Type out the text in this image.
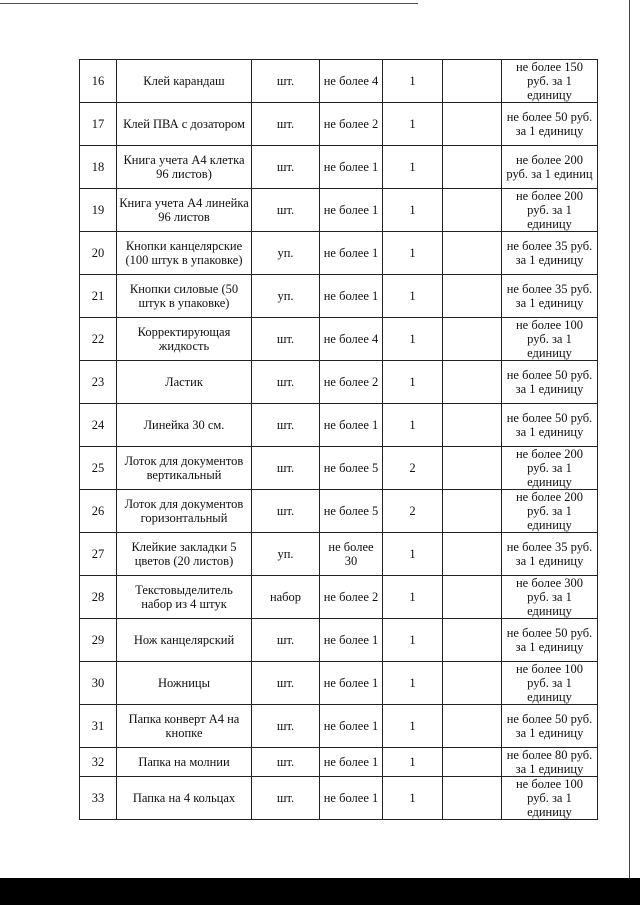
16	Клей карандаш	шт.	не более 4	1		не более 150 руб. за 1 единицу
17	Клей ПВА с дозатором	шт.	не более 2	1		не более 50 руб. за 1 единицу
18	Книга учета А4 клетка 96 листов)	шт.	не более 1	1		не более 200 руб. за 1 единиц
19	Книга учета А4 линейка 96 листов	шт.	не более 1	1		не более 200 руб. за 1 единицу
20	Кнопки канцелярские (100 штук в упаковке)	уп.	не более 1	1		не более 35 руб. за 1 единицу
21	Кнопки силовые (50 штук в упаковке)	уп.	не более 1	1		не более 35 руб. за 1 единицу
22	Корректирующая жидкость	шт.	не более 4	1		не более 100 руб. за 1 единицу
23	Ластик	шт.	не более 2	1		не более 50 руб. за 1 единицу
24	Линейка 30 см.	шт.	не более 1	1		не более 50 руб. за 1 единицу
25	Лоток для документов вертикальный	шт.	не более 5	2		не более 200 руб. за 1 единицу
26	Лоток для документов горизонтальный	шт.	не более 5	2		не более 200 руб. за 1 единицу
27	Клейкие закладки 5 цветов (20 листов)	уп.	не более 30	1		не более 35 руб. за 1 единицу
28	Текстовыделитель набор из 4 штук	набор	не более 2	1		не более 300 руб. за 1 единицу
29	Нож канцелярский	шт.	не более 1	1		не более 50 руб. за 1 единицу
30	Ножницы	шт.	не более 1	1		не более 100 руб. за 1 единицу
31	Папка конверт А4 на кнопке	шт.	не более 1	1		не более 50 руб. за 1 единицу
32	Папка на молнии	шт.	не более 1	1		не более 80 руб. за 1 единицу
33	Папка на 4 кольцах	шт.	не более 1	1		не более 100 руб. за 1 единицу
